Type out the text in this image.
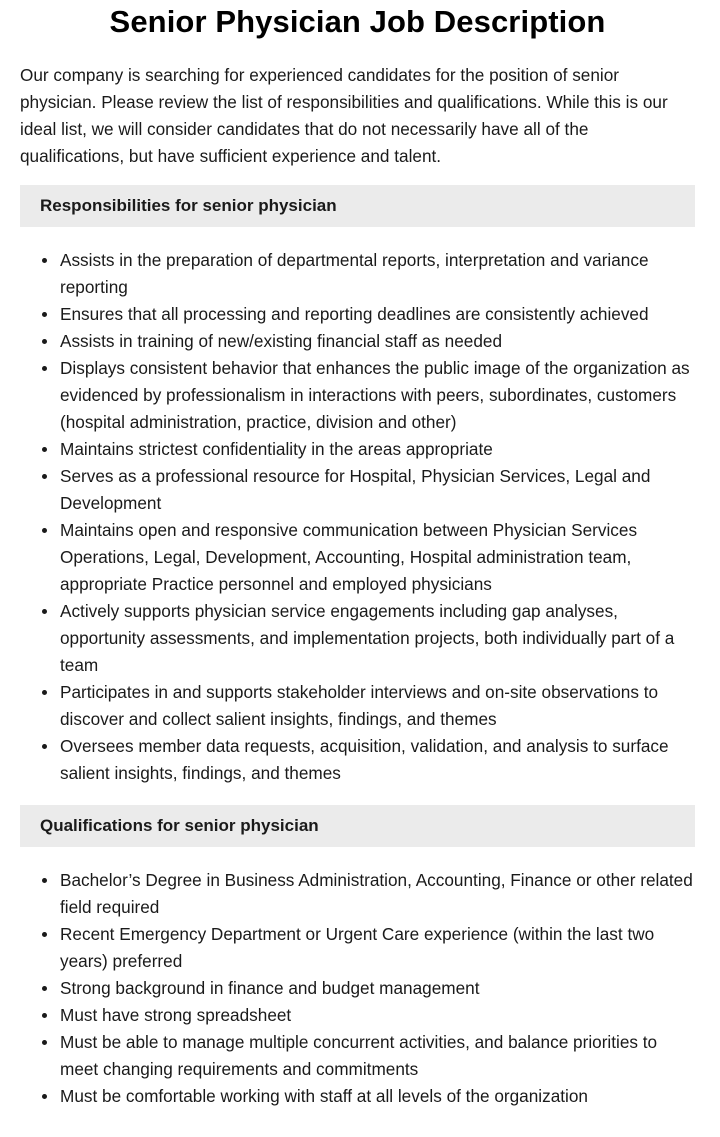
Senior Physician Job Description

Our company is searching for experienced candidates for the position of senior physician. Please review the list of responsibilities and qualifications. While this is our ideal list, we will consider candidates that do not necessarily have all of the qualifications, but have sufficient experience and talent.

Responsibilities for senior physician
Assists in the preparation of departmental reports, interpretation and variance reporting
Ensures that all processing and reporting deadlines are consistently achieved
Assists in training of new/existing financial staff as needed
Displays consistent behavior that enhances the public image of the organization as evidenced by professionalism in interactions with peers, subordinates, customers (hospital administration, practice, division and other)
Maintains strictest confidentiality in the areas appropriate
Serves as a professional resource for Hospital, Physician Services, Legal and Development
Maintains open and responsive communication between Physician Services Operations, Legal, Development, Accounting, Hospital administration team, appropriate Practice personnel and employed physicians
Actively supports physician service engagements including gap analyses, opportunity assessments, and implementation projects, both individually part of a team
Participates in and supports stakeholder interviews and on-site observations to discover and collect salient insights, findings, and themes
Oversees member data requests, acquisition, validation, and analysis to surface salient insights, findings, and themes
Qualifications for senior physician
Bachelor’s Degree in Business Administration, Accounting, Finance or other related field required
Recent Emergency Department or Urgent Care experience (within the last two years) preferred
Strong background in finance and budget management
Must have strong spreadsheet
Must be able to manage multiple concurrent activities, and balance priorities to meet changing requirements and commitments
Must be comfortable working with staff at all levels of the organization
